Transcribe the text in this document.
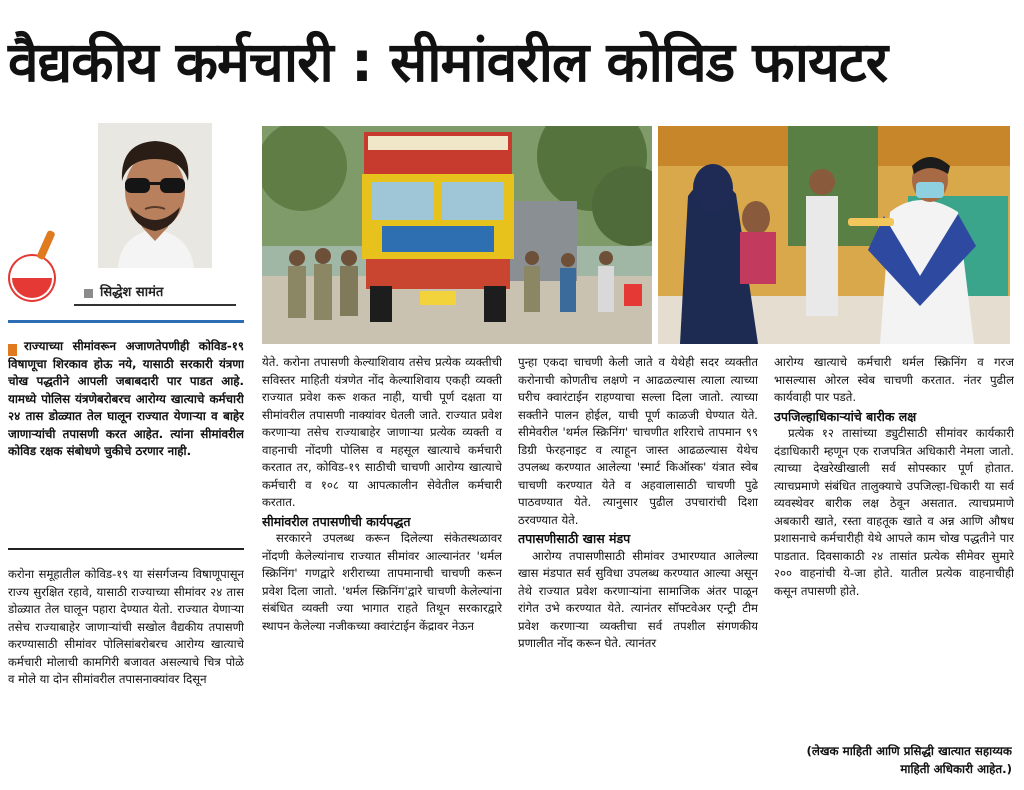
वैद्यकीय कर्मचारी : सीमांवरील कोविड फायटर
सिद्धेश सामंत
राज्याच्या सीमांवरून अजाणतेपणीही कोविड-१९ विषाणूचा शिरकाव होऊ नये, यासाठी सरकारी यंत्रणा चोख पद्धतीने आपली जबाबदारी पार पाडत आहे. यामध्ये पोलिस यंत्रणेबरोबरच आरोग्य खात्याचे कर्मचारी २४ तास डोळ्यात तेल घालून राज्यात येणाऱ्या व बाहेर जाणाऱ्यांची तपासणी करत आहेत. त्यांना सीमांवरील कोविड रक्षक संबोधणे चुकीचे ठरणार नाही.

करोना समूहातील कोविड-१९ या संसर्गजन्य विषाणूपासून राज्य सुरक्षित रहावे, यासाठी राज्याच्या सीमांवर २४ तास डोळ्यात तेल घालून पहारा देण्यात येतो. राज्यात येणाऱ्या तसेच राज्याबाहेर जाणाऱ्यांची सखोल वैद्यकीय तपासणी करण्यासाठी सीमांवर पोलिसांबरोबरच आरोग्य खात्याचे कर्मचारी मोलाची कामगिरी बजावत असल्याचे चित्र पोळे व मोले या दोन सीमांवरील तपासनाक्यांवर दिसून

येते. करोना तपासणी केल्याशिवाय तसेच प्रत्येक व्यक्तीची सविस्तर माहिती यंत्रणेत नोंद केल्याशिवाय एकही व्यक्ती राज्यात प्रवेश करू शकत नाही, याची पूर्ण दक्षता या सीमांवरील तपासणी नाक्यांवर घेतली जाते. राज्यात प्रवेश करणाऱ्या तसेच राज्याबाहेर जाणाऱ्या प्रत्येक व्यक्ती व वाहनाची नोंदणी पोलिस व महसूल खात्याचे कर्मचारी करतात तर, कोविड-१९ साठीची चाचणी आरोग्य खात्याचे कर्मचारी व १०८ या आपत्कालीन सेवेतील कर्मचारी करतात.

सीमांवरील तपासणीची कार्यपद्धत

सरकारने उपलब्ध करून दिलेल्या संकेतस्थळावर नोंदणी केलेल्यांनाच राज्यात सीमांवर आल्यानंतर 'थर्मल स्क्रिनिंग' गणद्वारे शरीराच्या तापमानाची चाचणी करून प्रवेश दिला जातो. 'थर्मल स्क्रिनिंग'द्वारे चाचणी केलेल्यांना संबंधित व्यक्ती ज्या भागात राहते तिथून सरकारद्वारे स्थापन केलेल्या नजीकच्या क्वारंटाईन केंद्रावर नेऊन

पुन्हा एकदा चाचणी केली जाते व येथेही सदर व्यक्तीत करोनाची कोणतीच लक्षणे न आढळल्यास त्याला त्याच्या घरीच क्वारंटाईन राहण्याचा सल्ला दिला जातो. त्याच्या सक्तीने पालन होईल, याची पूर्ण काळजी घेण्यात येते. सीमेवरील 'थर्मल स्क्रिनिंग' चाचणीत शरिराचे तापमान ९९ डिग्री फेरहनाइट व त्याहून जास्त आढळल्यास येथेच उपलब्ध करण्यात आलेल्या 'स्मार्ट किऑस्क' यंत्रात स्वेब चाचणी करण्यात येते व अहवालासाठी चाचणी पुढे पाठवण्यात येते. त्यानुसार पुढील उपचारांची दिशा ठरवण्यात येते.

तपासणीसाठी खास मंडप

आरोग्य तपासणीसाठी सीमांवर उभारण्यात आलेल्या खास मंडपात सर्व सुविधा उपलब्ध करण्यात आल्या असून तेथे राज्यात प्रवेश करणाऱ्यांना सामाजिक अंतर पाळून रांगेत उभे करण्यात येते. त्यानंतर सॉफ्टवेअर एन्ट्री टीम प्रवेश करणाऱ्या व्यक्तीचा सर्व तपशील संगणकीय प्रणालीत नोंद करून घेते. त्यानंतर

आरोग्य खात्याचे कर्मचारी थर्मल स्क्रिनिंग व गरज भासल्यास ओरल स्वेब चाचणी करतात. नंतर पुढील कार्यवाही पार पडते.

उपजिल्हाधिकाऱ्यांचे बारीक लक्ष

प्रत्येक १२ तासांच्या ड्युटीसाठी सीमांवर कार्यकारी दंडाधिकारी म्हणून एक राजपत्रित अधिकारी नेमला जातो. त्याच्या देखरेखीखाली सर्व सोपस्कार पूर्ण होतात. त्याचप्रमाणे संबंधित तालुक्याचे उपजिल्हा-धिकारी या सर्व व्यवस्थेवर बारीक लक्ष ठेवून असतात. त्याचप्रमाणे अबकारी खाते, रस्ता वाहतूक खाते व अन्न आणि औषध प्रशासनाचे कर्मचारीही येथे आपले काम चोख पद्धतीने पार पाडतात. दिवसाकाठी २४ तासांत प्रत्येक सीमेवर सुमारे २०० वाहनांची ये-जा होते. यातील प्रत्येक वाहनाचीही कसून तपासणी होते.

(लेखक माहिती आणि प्रसिद्धी खात्यात सहाय्यक माहिती अधिकारी आहेत.)
